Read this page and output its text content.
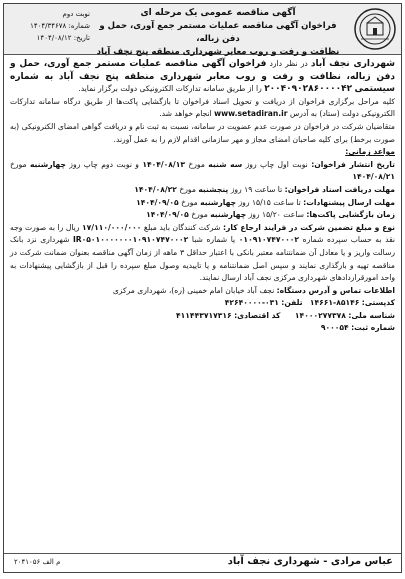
آگهی مناقصه عمومی یک مرحله ای
فراخوان آگهی مناقصه عملیات مستمر جمع آوری، حمل و دفن زباله،
نظافت و رفت و روب معابر شهرداری منطقه پنج نجف آباد
نوبت دوم
شماره: ۱۴۰۴/۳۴۶۷۸
تاریخ: ۱۴۰۴/۰۸/۱۲

شهرداری نجف آباد در نظر دارد فراخوان آگهی مناقصه عملیات مستمر جمع آوری، حمل و دفن زباله، نظافت و رفت و روب معابر شهرداری منطقه پنج نجف آباد به شماره سیستمی ۲۰۰۴۰۹۰۲۸۶۰۰۰۰۴۲ را از طریق سامانه تدارکات الکترونیکی دولت برگزار نماید.

کلیه مراحل برگزاری فراخوان از دریافت و تحویل اسناد فراخوان تا بازگشایی پاکت‌ها از طریق درگاه سامانه تدارکات الکترونیکی دولت (ستاد) به آدرس www.setadiran.ir انجام خواهد شد.

متقاضیان شرکت در فراخوان در صورت عدم عضویت در سامانه، نسبت به ثبت نام و دریافت گواهی امضای الکترونیکی (به صورت برخط) برای کلیه صاحبان امضای مجاز و مهر سازمانی اقدام لازم را به عمل آورند.

مواعد زمانی:

تاریخ انتشار فراخوان: نوبت اول چاپ روز سه شنبه مورخ ۱۴۰۴/۰۸/۱۳ و نوبت دوم چاپ روز چهارشنبه مورخ ۱۴۰۴/۰۸/۲۱

مهلت دریافت اسناد فراخوان: تا ساعت ۱۹ روز پنجشنبه مورخ ۱۴۰۴/۰۸/۲۲

مهلت ارسال پیشنهادات: تا ساعت ۱۵/۱۵ روز چهارشنبه مورخ ۱۴۰۴/۰۹/۰۵

زمان بازگشایی پاکت‌ها: ساعت ۱۵/۲۰ روز چهارشنبه مورخ ۱۴۰۴/۰۹/۰۵

نوع و مبلغ تضمین شرکت در فرایند ارجاع کار: شرکت کنندگان باید مبلغ ۱۷/۱۱۰/۰۰۰/۰۰۰ ریال را به صورت وجه نقد به حساب سپرده شماره ۰۱۰۹۱۰۷۴۷۰۰۰۲ یا شماره شبا IR۰۵۰۱۰۰۰۰۰۰۰۱۰۹۱۰۷۴۷۰۰۰۲ شهرداری نزد بانک رسالت واریز و یا معادل آن ضمانتنامه معتبر بانکی با اعتبار حداقل ۳ ماهه از زمان آگهی مناقصه بعنوان ضمانت شرکت در مناقصه تهیه و بارگذاری نمایند و سپس اصل ضمانتنامه و یا تاییدیه وصول مبلغ سپرده را قبل از بازگشایی پیشنهادات به واحد امورقراردادهای شهرداری مرکزی نجف آباد ارسال نمایند.

اطلاعات تماس و آدرس دستگاه: نجف آباد خیابان امام خمینی (ره)، شهرداری مرکزی

کدپستی: ۸۵۱۴۶-۱۴۶۶۱   تلفن: ۰۳۱-۴۲۶۴۰۰۰۰

شناسه ملی: ۱۴۰۰۰۲۷۷۳۷۸      کد اقتصادی: ۴۱۱۴۴۳۷۱۷۳۱۶

شماره ثبت: ۹۰۰۰۵۴

عباس مرادی - شهرداری نجف آباد
م الف ۲۰۴۱۰۵۶
